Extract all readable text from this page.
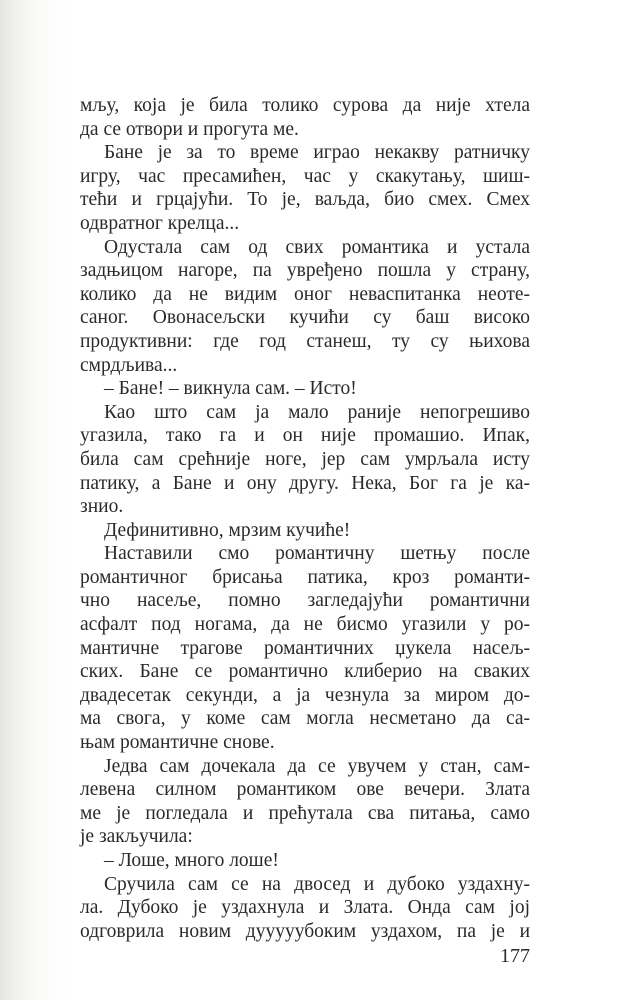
мљу, која је била толико сурова да није хтела
да се отвори и прогута ме.
Бане је за то време играо некакву ратничку
игру, час пресамићен, час у скакутању, шиш-
тећи и грцајући. То је, ваљда, био смех. Смех
одвратног крелца...
Одустала сам од свих романтика и устала
задњицом нагоре, па увређено пошла у страну,
колико да не видим оног неваспитанка неоте-
саног. Овонасељски кучићи су баш високо
продуктивни: где год станеш, ту су њихова
смрдљива...
– Бане! – викнула сам. – Исто!
Као што сам ја мало раније непогрешиво
угазила, тако га и он није промашио. Ипак,
била сам срећније ноге, јер сам умрљала исту
патику, а Бане и ону другу. Нека, Бог га је ка-
знио.
Дефинитивно, мрзим кучиће!
Наставили смо романтичну шетњу после
романтичног брисања патика, кроз романти-
чно насеље, помно загледајући романтични
асфалт под ногама, да не бисмо угазили у ро-
мантичне трагове романтичних џукела насељ-
ских. Бане се романтично клиберио на свaких
двадесетак секунди, а ја чезнула за миром до-
ма свога, у коме сам могла несметано да са-
њам романтичне снове.
Једва сам дочекала да се увучем у стан, сам-
левена силном романтиком ове вечери. Злата
ме је погледала и прећутала сва питања, само
је закључила:
– Лоше, много лоше!
Сручила сам се на двосед и дубоко уздахну-
ла. Дубоко је уздахнула и Злата. Онда сам јој
одговрила новим дууууубоким уздахом, па је и
177
